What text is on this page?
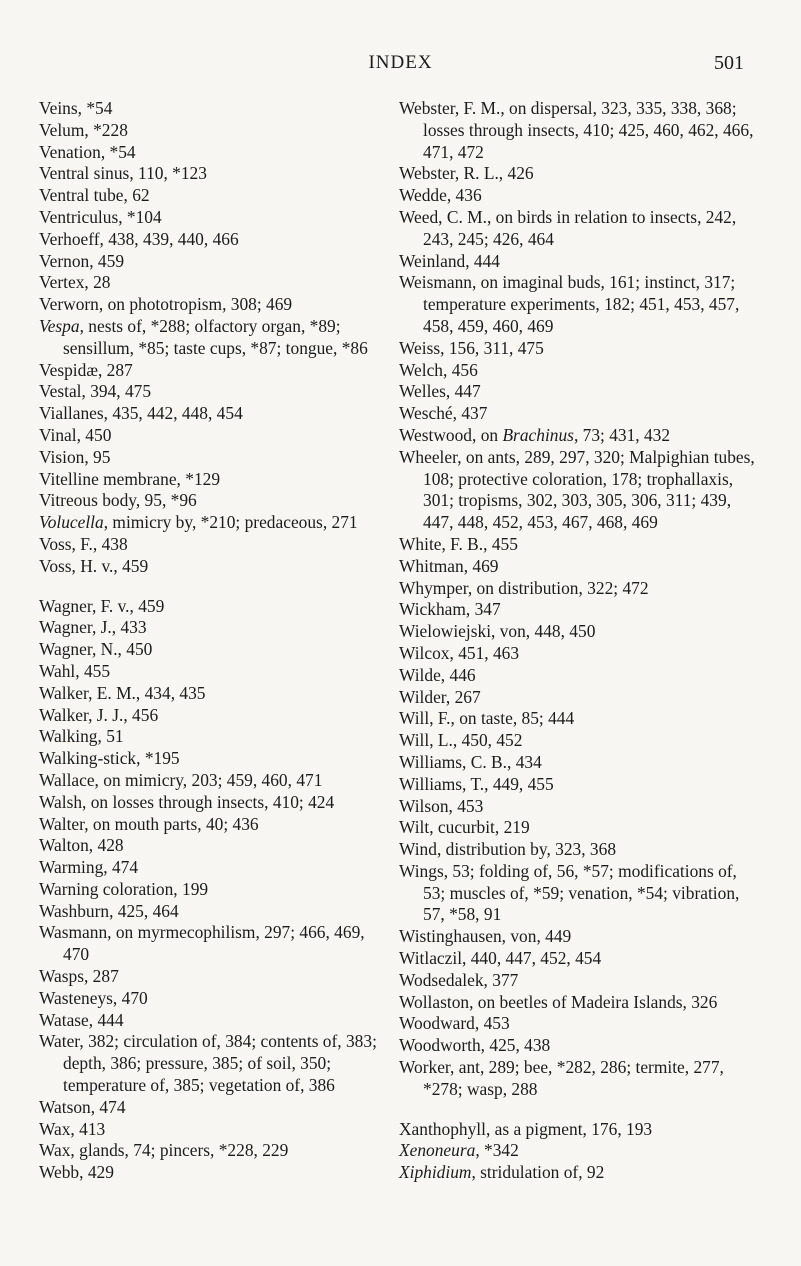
INDEX	501
Veins, *54
Velum, *228
Venation, *54
Ventral sinus, 110, *123
Ventral tube, 62
Ventriculus, *104
Verhoeff, 438, 439, 440, 466
Vernon, 459
Vertex, 28
Verworn, on phototropism, 308; 469
Vespa, nests of, *288; olfactory organ, *89; sensillum, *85; taste cups, *87; tongue, *86
Vespidæ, 287
Vestal, 394, 475
Viallanes, 435, 442, 448, 454
Vinal, 450
Vision, 95
Vitelline membrane, *129
Vitreous body, 95, *96
Volucella, mimicry by, *210; predaceous, 271
Voss, F., 438
Voss, H. v., 459
Wagner, F. v., 459
Wagner, J., 433
Wagner, N., 450
Wahl, 455
Walker, E. M., 434, 435
Walker, J. J., 456
Walking, 51
Walking-stick, *195
Wallace, on mimicry, 203; 459, 460, 471
Walsh, on losses through insects, 410; 424
Walter, on mouth parts, 40; 436
Walton, 428
Warming, 474
Warning coloration, 199
Washburn, 425, 464
Wasmann, on myrmecophilism, 297; 466, 469, 470
Wasps, 287
Wasteneys, 470
Watase, 444
Water, 382; circulation of, 384; contents of, 383; depth, 386; pressure, 385; of soil, 350; temperature of, 385; vegetation of, 386
Watson, 474
Wax, 413
Wax, glands, 74; pincers, *228, 229
Webb, 429
Webster, F. M., on dispersal, 323, 335, 338, 368; losses through insects, 410; 425, 460, 462, 466, 471, 472
Webster, R. L., 426
Wedde, 436
Weed, C. M., on birds in relation to insects, 242, 243, 245; 426, 464
Weinland, 444
Weismann, on imaginal buds, 161; instinct, 317; temperature experiments, 182; 451, 453, 457, 458, 459, 460, 469
Weiss, 156, 311, 475
Welch, 456
Welles, 447
Wesché, 437
Westwood, on Brachinus, 73; 431, 432
Wheeler, on ants, 289, 297, 320; Malpighian tubes, 108; protective coloration, 178; trophallaxis, 301; tropisms, 302, 303, 305, 306, 311; 439, 447, 448, 452, 453, 467, 468, 469
White, F. B., 455
Whitman, 469
Whymper, on distribution, 322; 472
Wickham, 347
Wielowiejski, von, 448, 450
Wilcox, 451, 463
Wilde, 446
Wilder, 267
Will, F., on taste, 85; 444
Will, L., 450, 452
Williams, C. B., 434
Williams, T., 449, 455
Wilson, 453
Wilt, cucurbit, 219
Wind, distribution by, 323, 368
Wings, 53; folding of, 56, *57; modifications of, 53; muscles of, *59; venation, *54; vibration, 57, *58, 91
Wistinghausen, von, 449
Witlaczil, 440, 447, 452, 454
Wodsedalek, 377
Wollaston, on beetles of Madeira Islands, 326
Woodward, 453
Woodworth, 425, 438
Worker, ant, 289; bee, *282, 286; termite, 277, *278; wasp, 288
Xanthophyll, as a pigment, 176, 193
Xenoneura, *342
Xiphidium, stridulation of, 92
